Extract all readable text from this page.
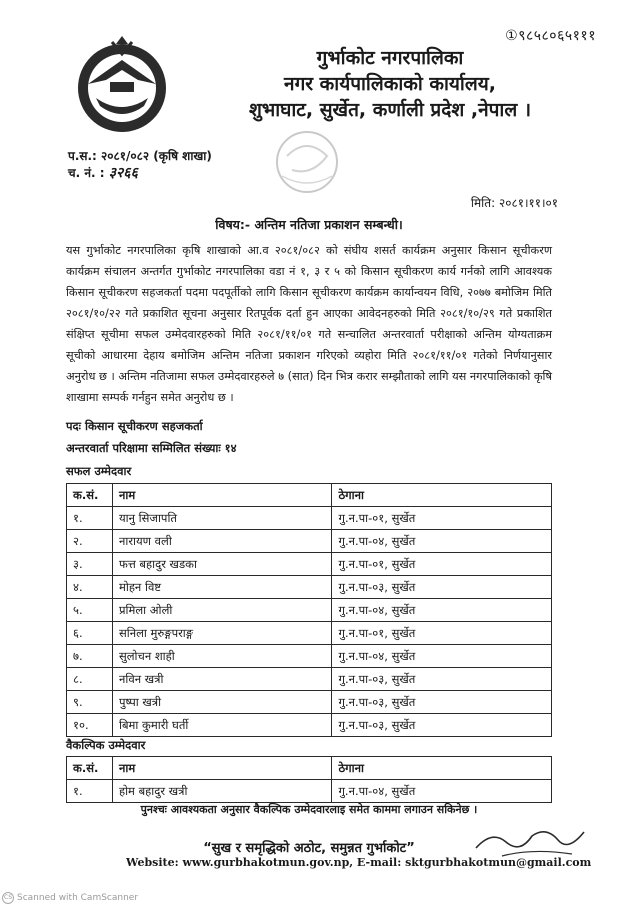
①९८५८०६५१११
गुर्भाकोट नगरपालिका
नगर कार्यपालिकाको कार्यालय,
शुभाघाट, सुर्खेत, कर्णाली प्रदेश ,नेपाल ।
प.स.: २०८१/०८२ (कृषि शाखा)
च. नं. : ३२६६
मिति: २०८१।११।०१
विषय:- अन्तिम नतिजा प्रकाशन सम्बन्धी।
यस गुर्भाकोट नगरपालिका कृषि शाखाको आ.व २०८१/०८२ को संघीय शसर्त कार्यक्रम अनुसार किसान सूचीकरण कार्यक्रम संचालन अन्तर्गत गुर्भाकोट नगरपालिका वडा नं १, ३ र ५ को किसान सूचीकरण कार्य गर्नको लागि आवश्यक किसान सूचीकरण सहजकर्ता पदमा पदपूर्तीको लागि किसान सूचीकरण कार्यक्रम कार्यान्वयन विधि, २०७७ बमोजिम मिति २०८१/१०/२२ गते प्रकाशित सूचना अनुसार रितपूर्वक दर्ता हुन आएका आवेदनहरुको मिति २०८१/१०/२९ गते प्रकाशित संक्षिप्त सूचीमा सफल उम्मेदवारहरुको मिति २०८१/११/०१ गते सन्चालित अन्तरवार्ता परीक्षाको अन्तिम योग्यताक्रम सूचीको आधारमा देहाय बमोजिम अन्तिम नतिजा प्रकाशन गरिएको व्यहोरा मिति २०८१/११/०१ गतेको निर्णयानुसार अनुरोध छ । अन्तिम नतिजामा सफल उम्मेदवारहरुले ७ (सात) दिन भित्र करार सम्झौताको लागि यस नगरपालिकाको कृषि शाखामा सम्पर्क गर्नहुन समेत अनुरोध छ ।
पदः किसान सूचीकरण सहजकर्ता
अन्तरवार्ता परिक्षामा सम्मिलित संख्याः १४
सफल उम्मेदवार
क.सं.	नाम	ठेगाना
१.	यानु सिजापति	गु.न.पा-०१, सुर्खेत
२.	नारायण वली	गु.न.पा-०४, सुर्खेत
३.	फत्त बहादुर खडका	गु.न.पा-०१, सुर्खेत
४.	मोहन विष्ट	गु.न.पा-०३, सुर्खेत
५.	प्रमिला ओली	गु.न.पा-०४, सुर्खेत
६.	सनिला मुरुङ्गपराङ्ग	गु.न.पा-०१, सुर्खेत
७.	सुलोचन शाही	गु.न.पा-०४, सुर्खेत
८.	नविन खत्री	गु.न.पा-०३, सुर्खेत
९.	पुष्पा खत्री	गु.न.पा-०३, सुर्खेत
१०.	बिमा कुमारी घर्ती	गु.न.पा-०३, सुर्खेत
वैकल्पिक उम्मेदवार
क.सं.	नाम	ठेगाना
१.	होम बहादुर खत्री	गु.न.पा-०४, सुर्खेत
पुनश्चः आवश्यकता अनुसार वैकल्पिक उम्मेदवारलाइ समेत काममा लगाउन सकिनेछ ।
“सुख र समृद्धिको अठोट, समुन्नत गुर्भाकोट”
Website: www.gurbhakotmun.gov.np, E-mail: sktgurbhakotmun@gmail.com
CS Scanned with CamScanner
